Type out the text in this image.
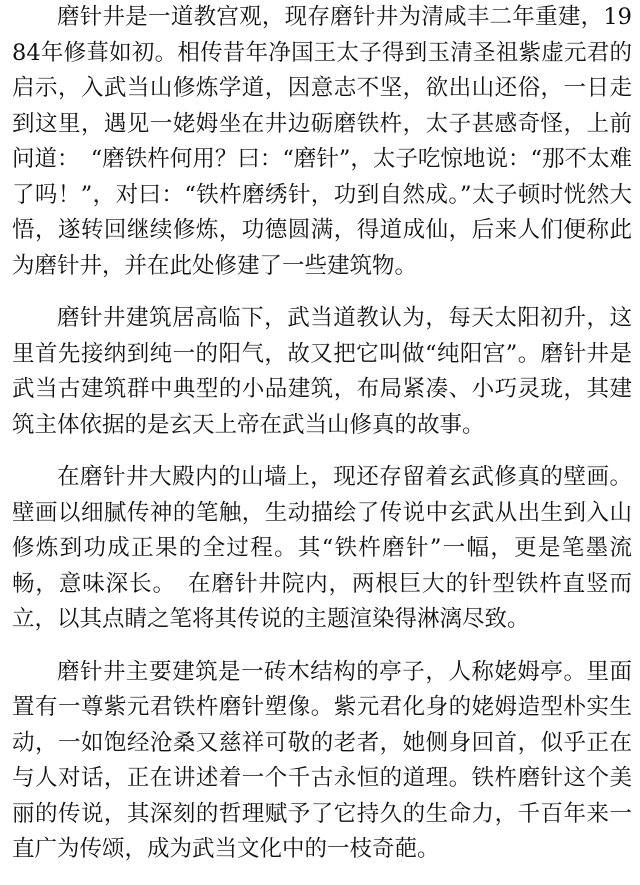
磨针井是一道教宫观，现存磨针井为清咸丰二年重建，1984年修葺如初。相传昔年净国王太子得到玉清圣祖紫虚元君的启示，入武当山修炼学道，因意志不坚，欲出山还俗，一日走到这里，遇见一姥姆坐在井边砺磨铁杵，太子甚感奇怪，上前问道：　“磨铁杵何用？曰：“磨针”，太子吃惊地说：“那不太难了吗！”，对曰：“铁杵磨绣针，功到自然成。”太子顿时恍然大悟，遂转回继续修炼，功德圆满，得道成仙，后来人们便称此为磨针井，并在此处修建了一些建筑物。

磨针井建筑居高临下，武当道教认为，每天太阳初升，这里首先接纳到纯一的阳气，故又把它叫做“纯阳宫”。磨针井是武当古建筑群中典型的小品建筑，布局紧凑、小巧灵珑，其建筑主体依据的是玄天上帝在武当山修真的故事。

在磨针井大殿内的山墙上，现还存留着玄武修真的壁画。壁画以细腻传神的笔触，生动描绘了传说中玄武从出生到入山修炼到功成正果的全过程。其“铁杵磨针”一幅，更是笔墨流畅，意味深长。　在磨针井院内，两根巨大的针型铁杵直竖而立，以其点睛之笔将其传说的主题渲染得淋漓尽致。

磨针井主要建筑是一砖木结构的亭子，人称姥姆亭。里面置有一尊紫元君铁杵磨针塑像。紫元君化身的姥姆造型朴实生动，一如饱经沧桑又慈祥可敬的老者，她侧身回首，似乎正在与人对话，正在讲述着一个千古永恒的道理。铁杵磨针这个美丽的传说，其深刻的哲理赋予了它持久的生命力，千百年来一直广为传颂，成为武当文化中的一枝奇葩。
